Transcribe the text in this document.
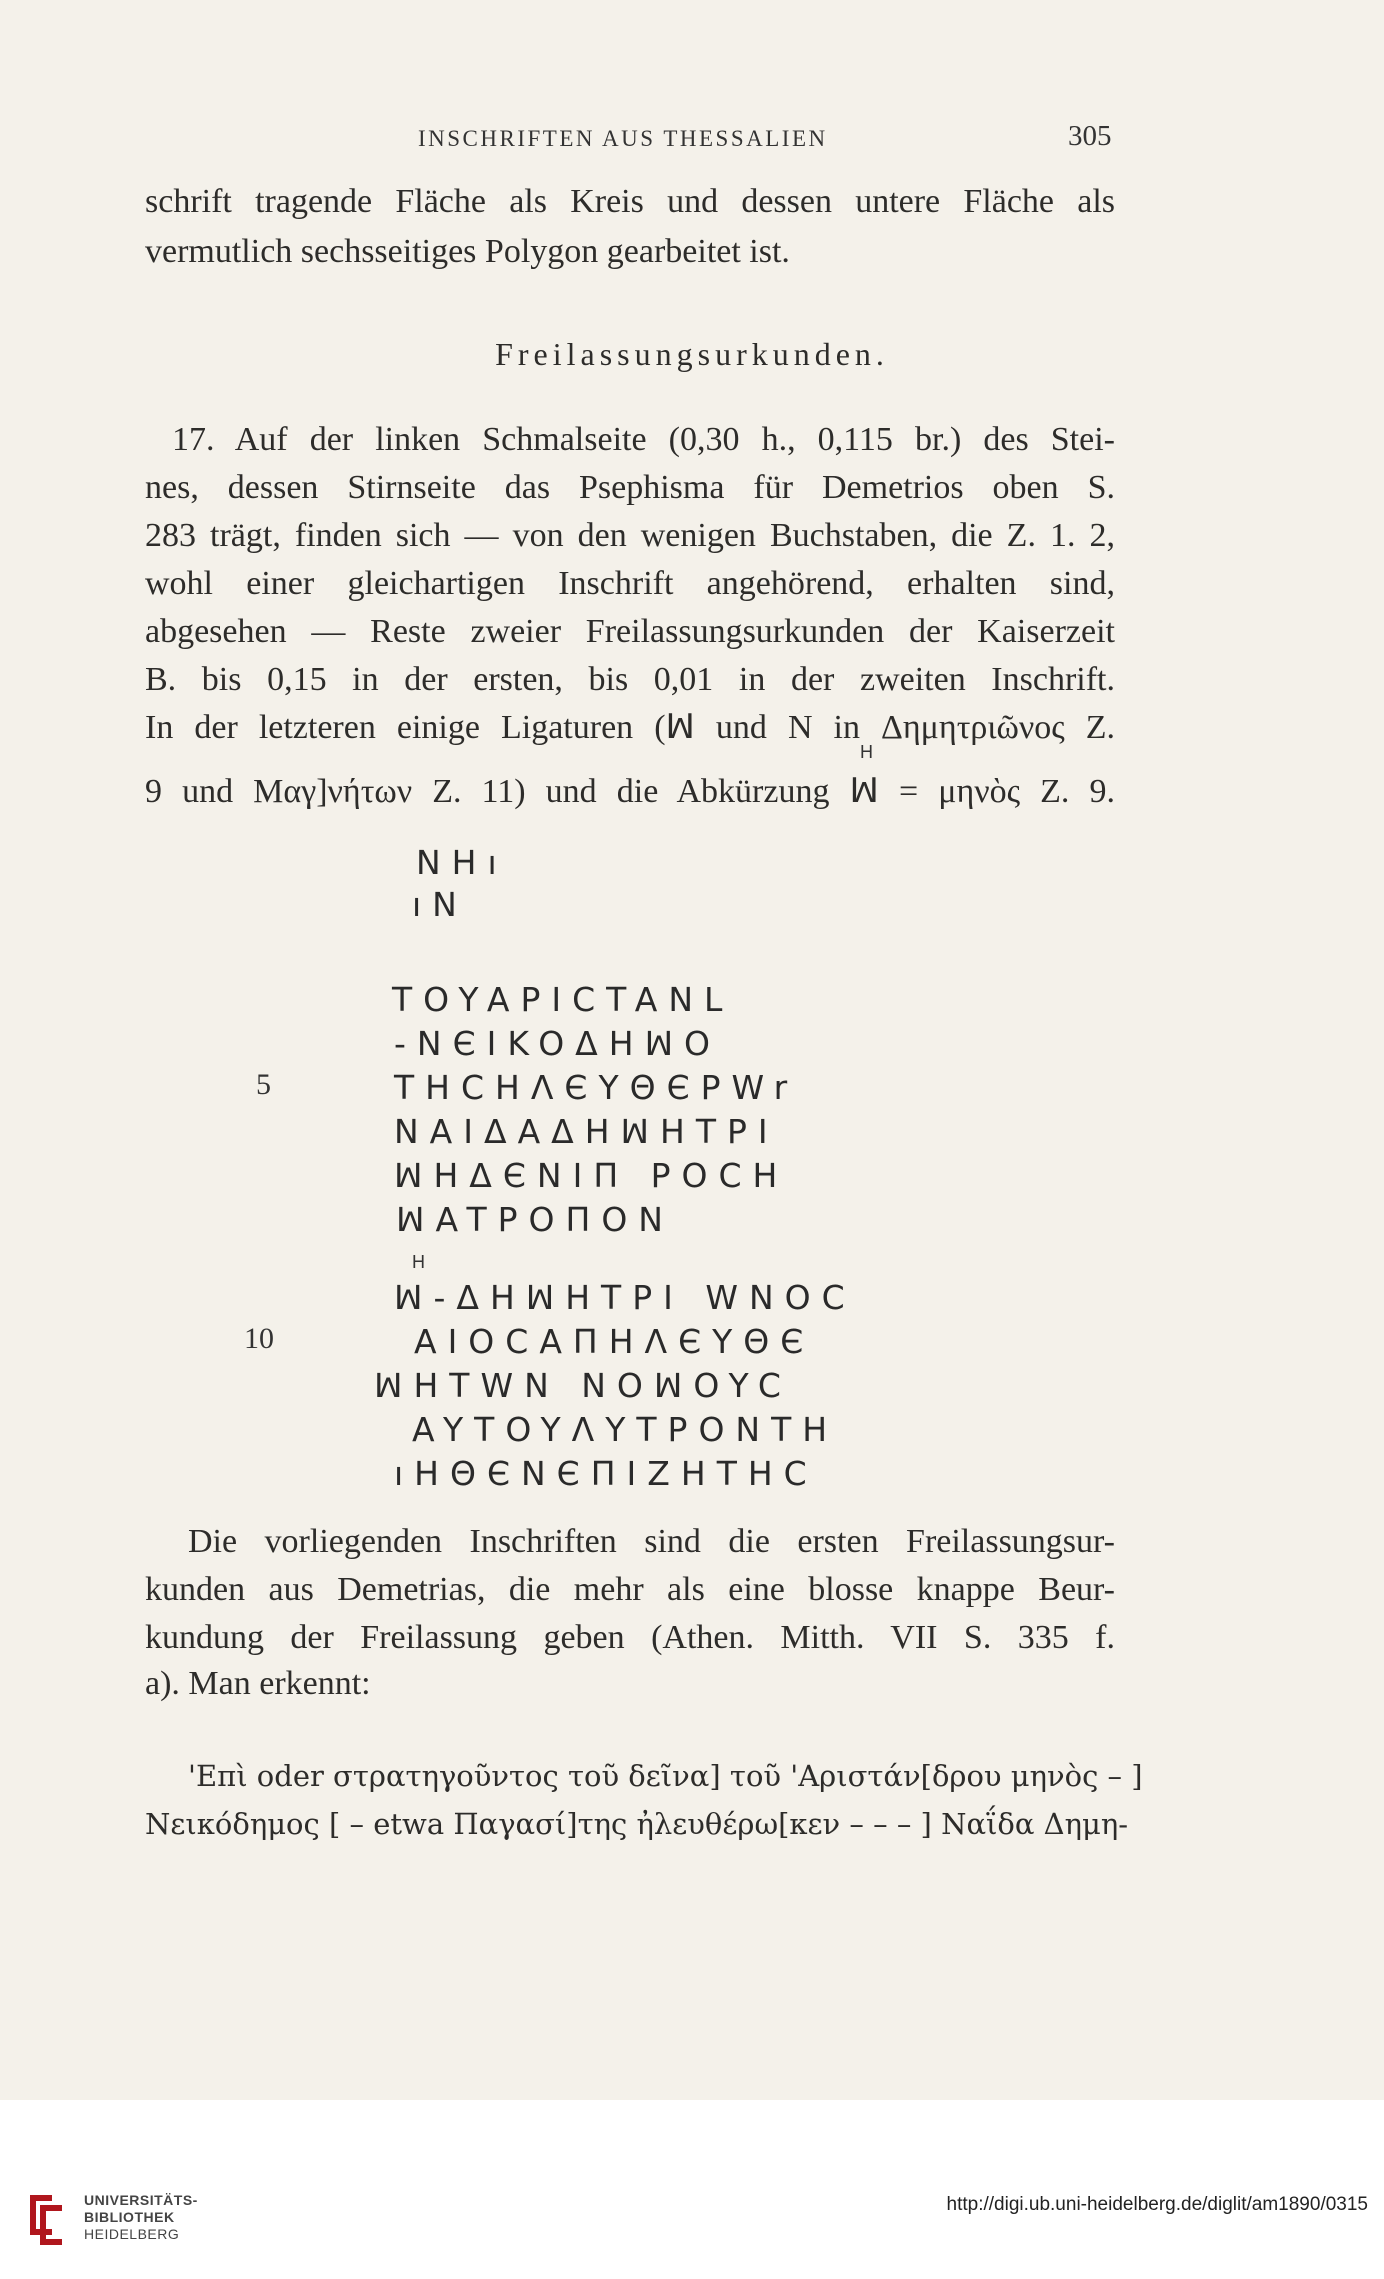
INSCHRIFTEN AUS THESSALIEN	305
schrift tragende Fläche als Kreis und dessen untere Fläche als
vermutlich sechsseitiges Polygon gearbeitet ist.
Freilassungsurkunden.
17. Auf der linken Schmalseite (0,30 h., 0,115 br.) des Stei-
nes, dessen Stirnseite das Psephisma für Demetrios oben S.
283 trägt, finden sich — von den wenigen Buchstaben, die Z. 1. 2,
wohl einer gleichartigen Inschrift angehörend, erhalten sind,
abgesehen — Reste zweier Freilassungsurkunden der Kaiserzeit
B. bis 0,15 in der ersten, bis 0,01 in der zweiten Inschrift.
In der letzteren einige Ligaturen (ꟽ und N in Δημητριῶνος Z.
H
9 und Μαγ]νήτων Z. 11) und die Abkürzung ꟽ = μηνὸς Z. 9.
NHı
ıN
TOYAPICTANL
-NЄIKOΔHꟽO
5	THCHΛЄYΘЄPWr
NAIΔAΔHꟽHTPI
ꟽHΔЄNIΠ POCH
ꟽATPOΠON
H
ꟽ-ΔHꟽHTPI WNOC
10	AIOCAΠHΛЄYΘЄ
ꟽHTWN NOꟽOYC
AYTOYΛYTPONTH
ıHΘЄNЄΠIZHTHC
Die vorliegenden Inschriften sind die ersten Freilassungsur-
kunden aus Demetrias, die mehr als eine blosse knappe Beur-
kundung der Freilassung geben (Athen. Mitth. VII S. 335 f.
a). Man erkennt:
'Επὶ oder στρατηγοῦντος τοῦ δεῖνα] τοῦ 'Αριστάν[δρου μηνὸς – ]
Νεικόδημος [ – etwa Παγασί]της ἠλευθέρω[κεν – – – ] Ναΐδα Δημη-
UNIVERSITÄTS-
BIBLIOTHEK
HEIDELBERG
http://digi.ub.uni-heidelberg.de/diglit/am1890/0315
